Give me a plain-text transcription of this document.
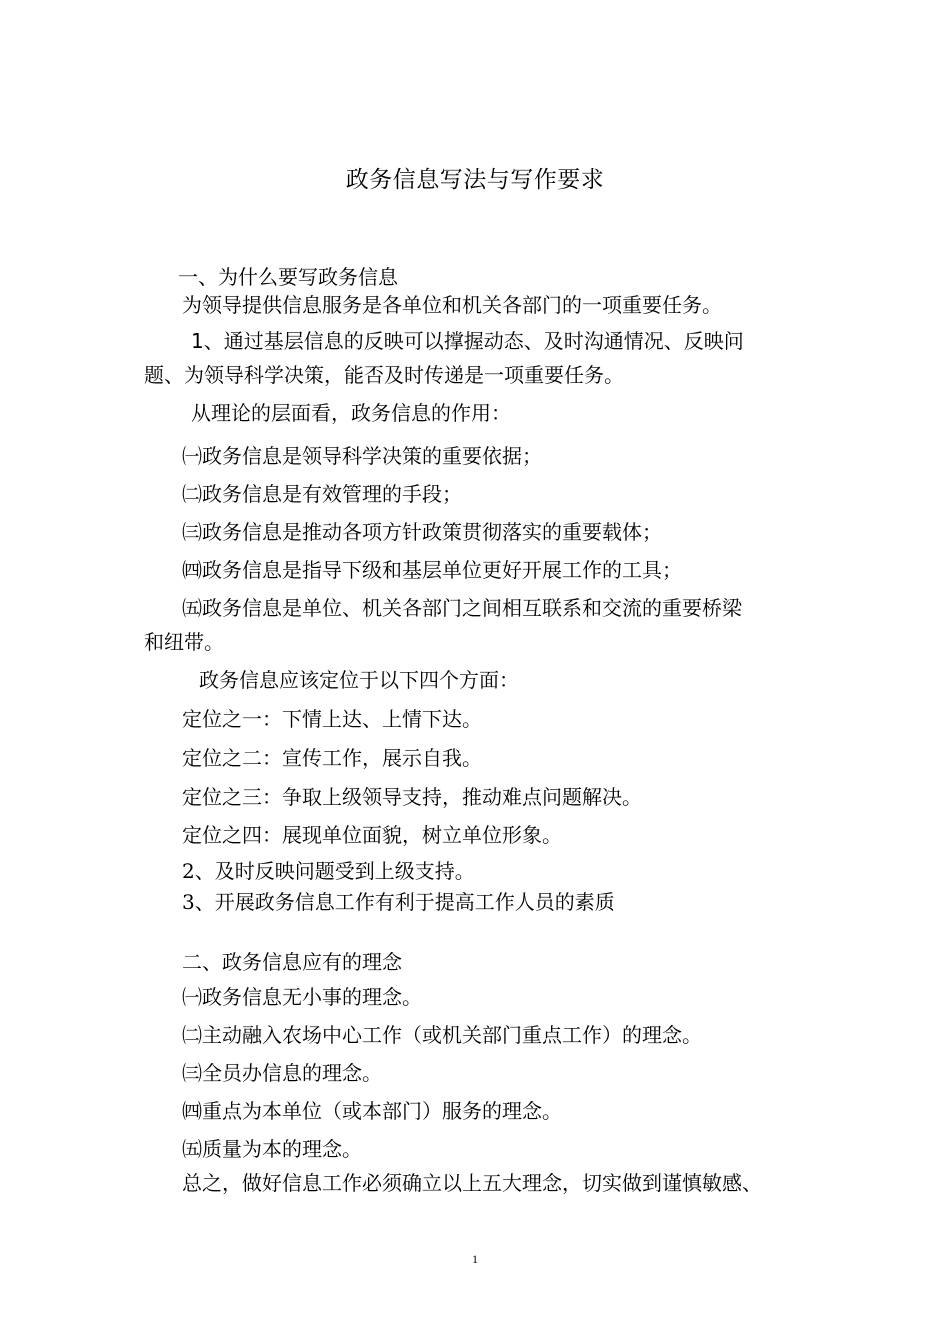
政务信息写法与写作要求
一、为什么要写政务信息
为领导提供信息服务是各单位和机关各部门的一项重要任务。
1、通过基层信息的反映可以撑握动态、及时沟通情况、反映问
题、为领导科学决策，能否及时传递是一项重要任务。
从理论的层面看，政务信息的作用：
㈠政务信息是领导科学决策的重要依据；
㈡政务信息是有效管理的手段；
㈢政务信息是推动各项方针政策贯彻落实的重要载体；
㈣政务信息是指导下级和基层单位更好开展工作的工具；
㈤政务信息是单位、机关各部门之间相互联系和交流的重要桥梁
和纽带。
政务信息应该定位于以下四个方面：
定位之一：下情上达、上情下达。
定位之二：宣传工作，展示自我。
定位之三：争取上级领导支持，推动难点问题解决。
定位之四：展现单位面貌，树立单位形象。
2、及时反映问题受到上级支持。
3、开展政务信息工作有利于提高工作人员的素质
二、政务信息应有的理念
㈠政务信息无小事的理念。
㈡主动融入农场中心工作（或机关部门重点工作）的理念。
㈢全员办信息的理念。
㈣重点为本单位（或本部门）服务的理念。
㈤质量为本的理念。
总之，做好信息工作必须确立以上五大理念，切实做到谨慎敏感、
1
